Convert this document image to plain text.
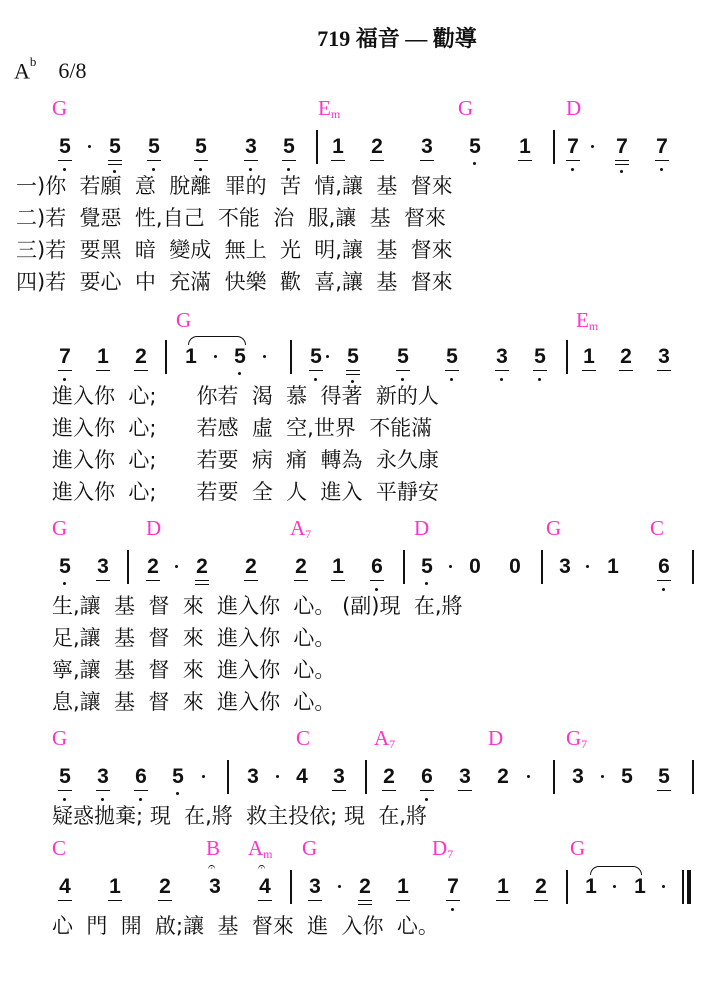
719 福音 — 勸導
$A^b$ 6/8
G	$E_m$	G	D
5 5 5 5 3 5 1 2 3 5 1 7 7 7
一)你  若願  意  脫離  罪的  苦  情,讓  基  督來
二)若  覺惡  性,自己  不能  治  服,讓  基  督來
三)若  要黑  暗  變成  無上  光  明,讓  基  督來
四)若  要心  中  充滿  快樂  歡  喜,讓  基  督來
G	$E_m$
7 1 2 1 5	5 5 5 5 3 5 1 2 3
進入你  心;      你若  渴  慕  得著  新的人
進入你  心;      若感  虛  空,世界  不能滿
進入你  心;      若要  病  痛  轉為  永久康
進入你  心;      若要  全  人  進入  平靜安
G	D	$A_7$	D	G	C
5 3 2 2 2 2 1 6 5 0 0 3 1 6
生,讓  基  督  來  進入你  心。 (副)現  在,將
足,讓  基  督  來  進入你  心。
寧,讓  基  督  來  進入你  心。
息,讓  基  督  來  進入你  心。
G	C	$A_7$	D	$G_7$
5 3 6 5	3 4 3 2 6 3 2	3 5 5
疑惑拋棄; 現  在,將  救主投依; 現  在,將
C	B $A_m$ G	$D_7$	G
4 1 2 3
𝄐
4
𝄐
3 2 1 7 1 2 1 1
心  門  開  啟;讓  基  督來  進  入你  心。
